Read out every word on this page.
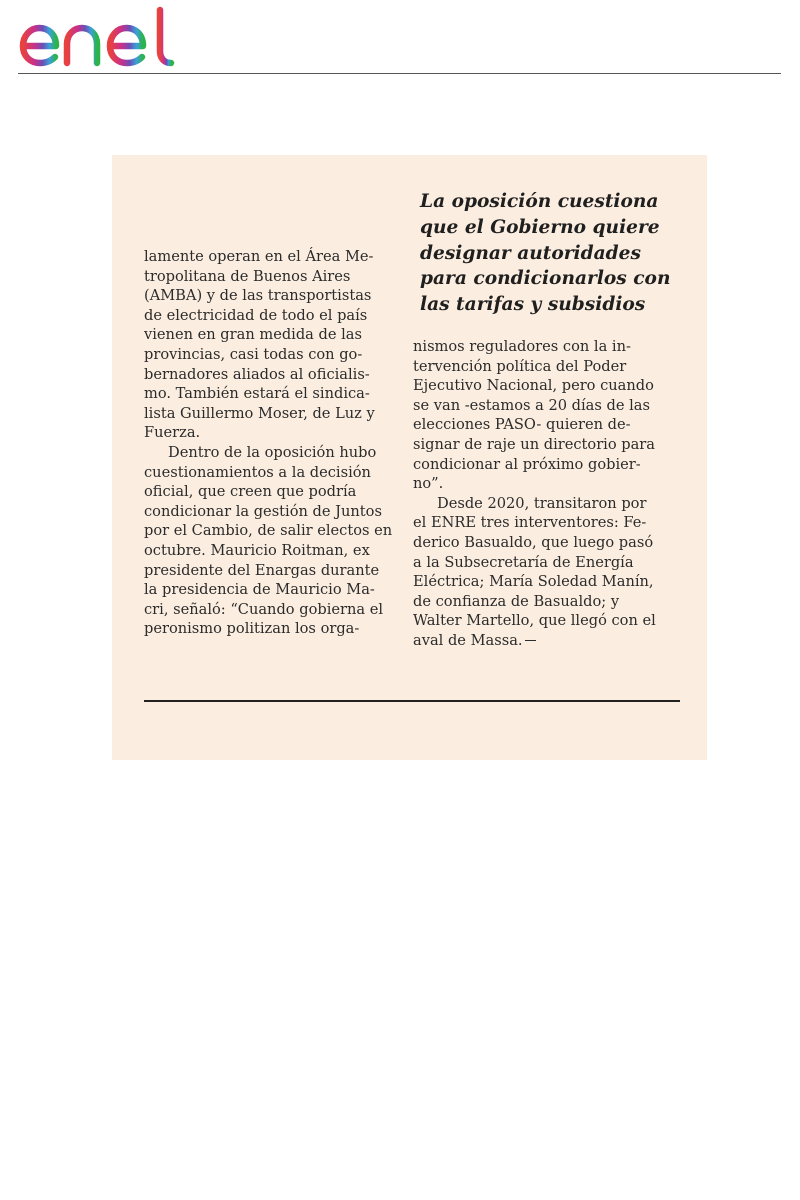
La oposición cuestiona
que el Gobierno quiere
designar autoridades
para condicionarlos con
las tarifas y subsidios

lamente operan en el Área Me-
tropolitana de Buenos Aires
(AMBA) y de las transportistas
de electricidad de todo el país
vienen en gran medida de las
provincias, casi todas con go-
bernadores aliados al oficialis-
mo. También estará el sindica-
lista Guillermo Moser, de Luz y
Fuerza.

Dentro de la oposición hubo
cuestionamientos a la decisión
oficial, que creen que podría
condicionar la gestión de Juntos
por el Cambio, de salir electos en
octubre. Mauricio Roitman, ex
presidente del Enargas durante
la presidencia de Mauricio Ma-
cri, señaló: “Cuando gobierna el
peronismo politizan los orga-

nismos reguladores con la in-
tervención política del Poder
Ejecutivo Nacional, pero cuando
se van -estamos a 20 días de las
elecciones PASO- quieren de-
signar de raje un directorio para
condicionar al próximo gobier-
no”.

Desde 2020, transitaron por
el ENRE tres interventores: Fe-
derico Basualdo, que luego pasó
a la Subsecretaría de Energía
Eléctrica; María Soledad Manín,
de confianza de Basualdo; y
Walter Martello, que llegó con el
aval de Massa.
